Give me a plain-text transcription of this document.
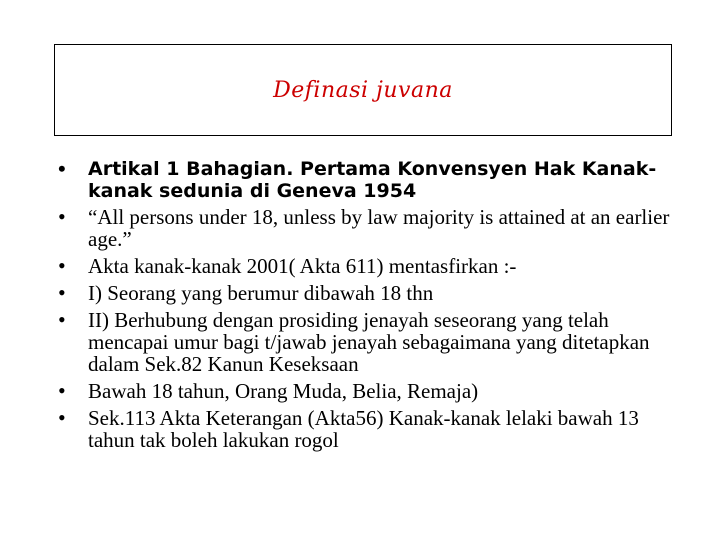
Definasi juvana
• Artikal 1 Bahagian. Pertama Konvensyen Hak Kanak-kanak sedunia di Geneva 1954
• “All persons under 18, unless by law majority is attained at an earlier age.”
• Akta kanak-kanak 2001( Akta 611) mentasfirkan :-
• I) Seorang yang berumur dibawah 18 thn
• II) Berhubung dengan prosiding jenayah seseorang yang telah mencapai umur bagi t/jawab jenayah sebagaimana yang ditetapkan dalam Sek.82 Kanun Keseksaan
• Bawah 18 tahun, Orang Muda, Belia, Remaja)
• Sek.113 Akta Keterangan (Akta56) Kanak-kanak lelaki bawah 13 tahun tak boleh lakukan rogol
